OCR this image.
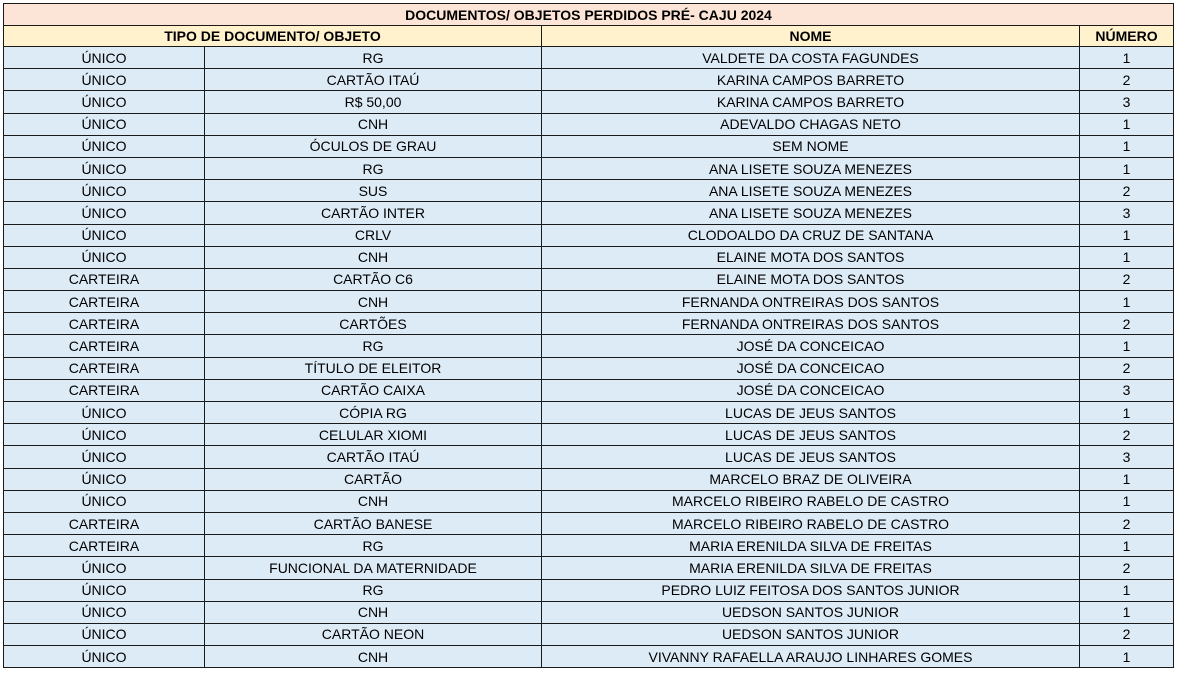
DOCUMENTOS/ OBJETOS PERDIDOS PRÉ- CAJU 2024			
TIPO DE DOCUMENTO/ OBJETO		NOME	NÚMERO
ÚNICO	RG	VALDETE DA COSTA FAGUNDES	1
ÚNICO	CARTÃO ITAÚ	KARINA CAMPOS BARRETO	2
ÚNICO	R$ 50,00	KARINA CAMPOS BARRETO	3
ÚNICO	CNH	ADEVALDO CHAGAS NETO	1
ÚNICO	ÓCULOS DE GRAU	SEM NOME	1
ÚNICO	RG	ANA LISETE SOUZA MENEZES	1
ÚNICO	SUS	ANA LISETE SOUZA MENEZES	2
ÚNICO	CARTÃO INTER	ANA LISETE SOUZA MENEZES	3
ÚNICO	CRLV	CLODOALDO DA CRUZ DE SANTANA	1
ÚNICO	CNH	ELAINE MOTA DOS SANTOS	1
CARTEIRA	CARTÃO C6	ELAINE MOTA DOS SANTOS	2
CARTEIRA	CNH	FERNANDA ONTREIRAS DOS SANTOS	1
CARTEIRA	CARTÕES	FERNANDA ONTREIRAS DOS SANTOS	2
CARTEIRA	RG	JOSÉ DA CONCEICAO	1
CARTEIRA	TÍTULO DE ELEITOR	JOSÉ DA CONCEICAO	2
CARTEIRA	CARTÃO CAIXA	JOSÉ DA CONCEICAO	3
ÚNICO	CÓPIA RG	LUCAS DE JEUS SANTOS	1
ÚNICO	CELULAR XIOMI	LUCAS DE JEUS SANTOS	2
ÚNICO	CARTÃO ITAÚ	LUCAS DE JEUS SANTOS	3
ÚNICO	CARTÃO	MARCELO BRAZ DE OLIVEIRA	1
ÚNICO	CNH	MARCELO RIBEIRO RABELO DE CASTRO	1
CARTEIRA	CARTÃO BANESE	MARCELO RIBEIRO RABELO DE CASTRO	2
CARTEIRA	RG	MARIA ERENILDA SILVA DE FREITAS	1
ÚNICO	FUNCIONAL DA MATERNIDADE	MARIA ERENILDA SILVA DE FREITAS	2
ÚNICO	RG	PEDRO LUIZ FEITOSA DOS SANTOS JUNIOR	1
ÚNICO	CNH	UEDSON SANTOS JUNIOR	1
ÚNICO	CARTÃO NEON	UEDSON SANTOS JUNIOR	2
ÚNICO	CNH	VIVANNY RAFAELLA ARAUJO LINHARES GOMES	1
